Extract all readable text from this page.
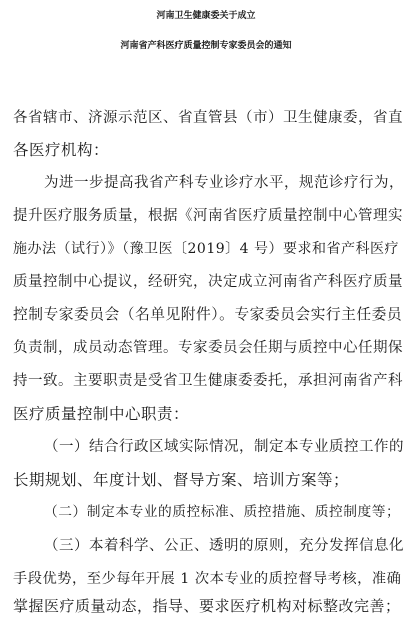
河南卫生健康委关于成立
河南省产科医疗质量控制专家委员会的通知
各省辖市、济源示范区、省直管县（市）卫生健康委，省直
各医疗机构：
为进一步提高我省产科专业诊疗水平，规范诊疗行为，
提升医疗服务质量，根据《河南省医疗质量控制中心管理实
施办法（试行）》（豫卫医〔2019〕4 号）要求和省产科医疗
质量控制中心提议，经研究，决定成立河南省产科医疗质量
控制专家委员会（名单见附件）。专家委员会实行主任委员
负责制，成员动态管理。专家委员会任期与质控中心任期保
持一致。主要职责是受省卫生健康委委托，承担河南省产科
医疗质量控制中心职责：
（一）结合行政区域实际情况，制定本专业质控工作的
长期规划、年度计划、督导方案、培训方案等；
（二）制定本专业的质控标准、质控措施、质控制度等；
（三）本着科学、公正、透明的原则，充分发挥信息化
手段优势，至少每年开展 1 次本专业的质控督导考核，准确
掌握医疗质量动态，指导、要求医疗机构对标整改完善；
